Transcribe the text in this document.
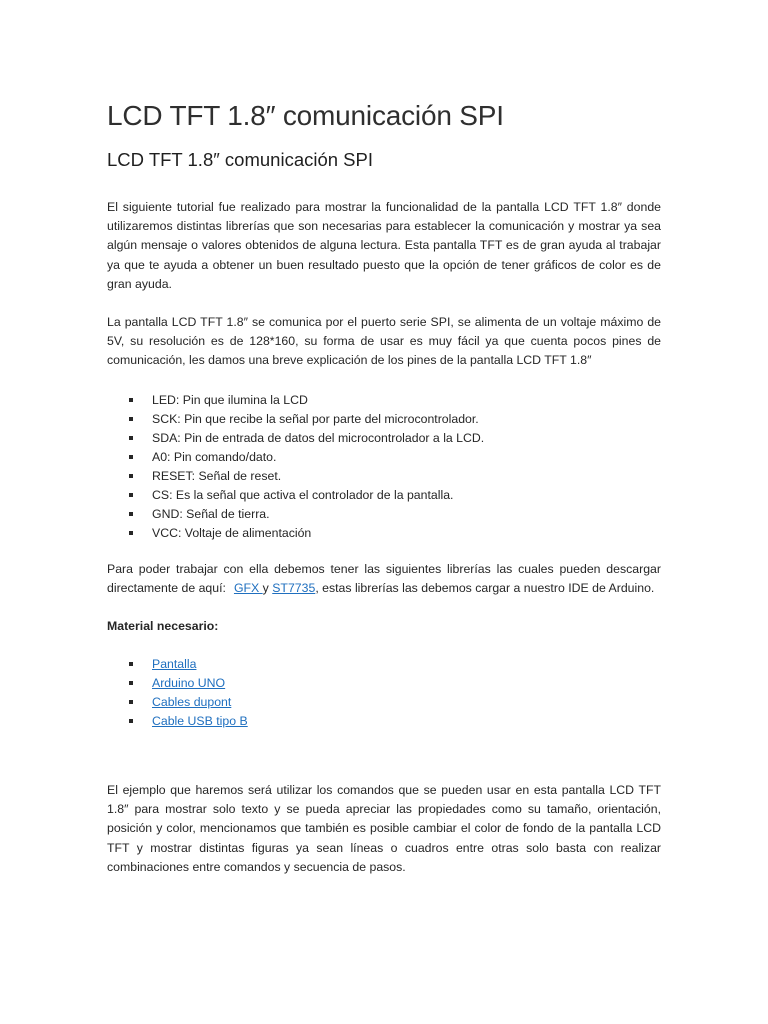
LCD TFT 1.8″ comunicación SPI
LCD TFT 1.8″ comunicación SPI

El siguiente tutorial fue realizado para mostrar la funcionalidad de la pantalla LCD TFT 1.8″ donde utilizaremos distintas librerías que son necesarias para establecer la comunicación y mostrar ya sea algún mensaje o valores obtenidos de alguna lectura. Esta pantalla TFT es de gran ayuda al trabajar ya que te ayuda a obtener un buen resultado puesto que la opción de tener gráficos de color es de gran ayuda.

La pantalla LCD TFT 1.8″ se comunica por el puerto serie SPI, se alimenta de un voltaje máximo de 5V, su resolución es de 128*160, su forma de usar es muy fácil ya que cuenta pocos pines de comunicación, les damos una breve explicación de los pines de la pantalla LCD TFT 1.8″

LED: Pin que ilumina la LCD
SCK: Pin que recibe la señal por parte del microcontrolador.
SDA: Pin de entrada de datos del microcontrolador a la LCD.
A0: Pin comando/dato.
RESET: Señal de reset.
CS: Es la señal que activa el controlador de la pantalla.
GND: Señal de tierra.
VCC: Voltaje de alimentación

Para poder trabajar con ella debemos tener las siguientes librerías las cuales pueden descargar directamente de aquí: GFX y ST7735, estas librerías las debemos cargar a nuestro IDE de Arduino.

Material necesario:

Pantalla
Arduino UNO
Cables dupont
Cable USB tipo B

El ejemplo que haremos será utilizar los comandos que se pueden usar en esta pantalla LCD TFT 1.8″ para mostrar solo texto y se pueda apreciar las propiedades como su tamaño, orientación, posición y color, mencionamos que también es posible cambiar el color de fondo de la pantalla LCD TFT y mostrar distintas figuras ya sean líneas o cuadros entre otras solo basta con realizar combinaciones entre comandos y secuencia de pasos.
